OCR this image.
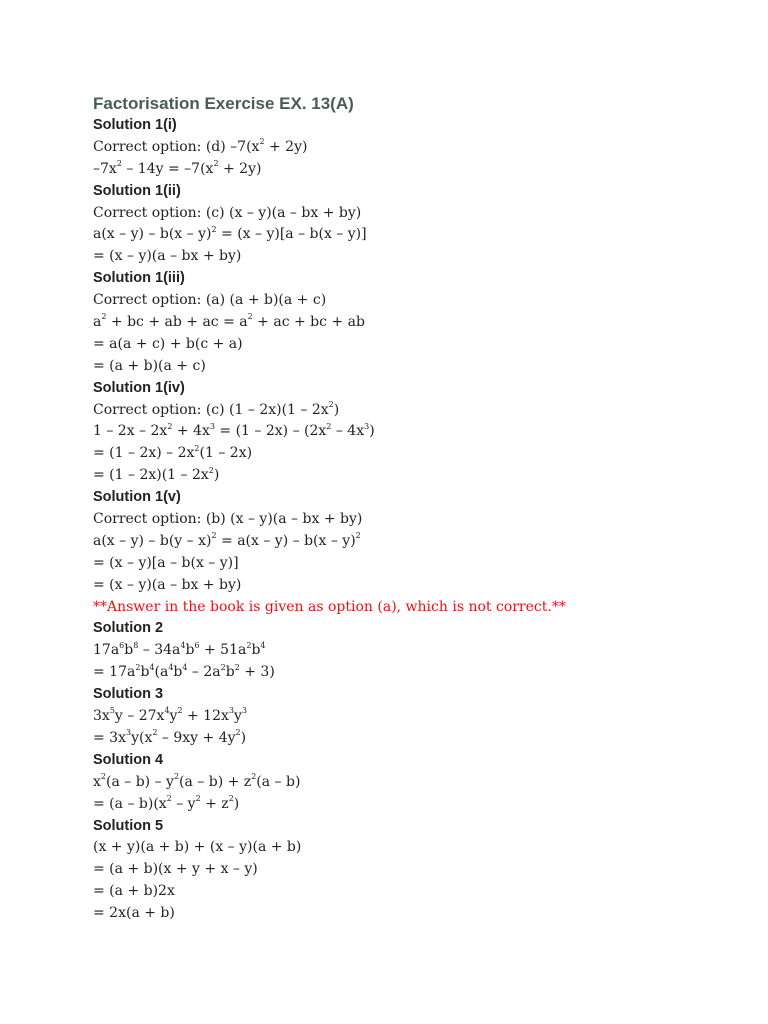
Factorisation Exercise EX. 13(A)
Solution 1(i)
Correct option: (d) $-7(x^2 + 2y)$
$-7x^2 - 14y = -7(x^2 + 2y)$
Solution 1(ii)
Correct option: (c) (x – y)(a – bx + by)
a(x – y) – b(x – y)$^2$ = (x – y)[a – b(x – y)]
= (x – y)(a – bx + by)
Solution 1(iii)
Correct option: (a) (a + b)(a + c)
$a^2$ + bc + ab + ac = $a^2$ + ac + bc + ab
= a(a + c) + b(c + a)
= (a + b)(a + c)
Solution 1(iv)
Correct option: (c) $(1 - 2x)(1 - 2x^2)$
$1 - 2x - 2x^2 + 4x^3 = (1 - 2x) - (2x^2 - 4x^3)$
= $(1 - 2x) - 2x^2(1 - 2x)$
= $(1 - 2x)(1 - 2x^2)$
Solution 1(v)
Correct option: (b) (x – y)(a – bx + by)
a(x – y) – b(y – x)$^2$ = a(x – y) – b(x – y)$^2$
= (x – y)[a – b(x – y)]
= (x – y)(a – bx + by)
**Answer in the book is given as option (a), which is not correct.**
Solution 2
$17a^6b^8 - 34a^4b^6 + 51a^2b^4$
= $17a^2b^4(a^4b^4 - 2a^2b^2 + 3)$
Solution 3
$3x^5y - 27x^4y^2 + 12x^3y^3$
= $3x^3y(x^2 - 9xy + 4y^2)$
Solution 4
$x^2(a - b) - y^2(a - b) + z^2(a - b)$
= $(a - b)(x^2 - y^2 + z^2)$
Solution 5
(x + y)(a + b) + (x – y)(a + b)
= (a + b)(x + y + x – y)
= (a + b)2x
= 2x(a + b)
